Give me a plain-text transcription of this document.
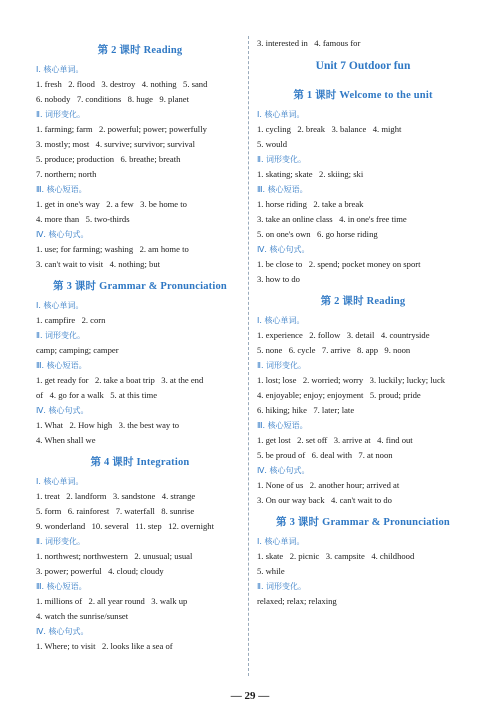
第 2 课时 Reading
Ⅰ. 核心单词。
1. fresh   2. flood   3. destroy   4. nothing   5. sand
6. nobody   7. conditions   8. huge   9. planet
Ⅱ. 词形变化。
1. farming; farm   2. powerful; power; powerfully
3. mostly; most   4. survive; survivor; survival
5. produce; production   6. breathe; breath
7. northern; north
Ⅲ. 核心短语。
1. get in one's way   2. a few   3. be home to
4. more than   5. two-thirds
Ⅳ. 核心句式。
1. use; for farming; washing   2. am home to
3. can't wait to visit   4. nothing; but
第 3 课时 Grammar & Pronunciation
Ⅰ. 核心单词。
1. campfire   2. corn
Ⅱ. 词形变化。
camp; camping; camper
Ⅲ. 核心短语。
1. get ready for   2. take a boat trip   3. at the end
of   4. go for a walk   5. at this time
Ⅳ. 核心句式。
1. What   2. How high   3. the best way to
4. When shall we
第 4 课时 Integration
Ⅰ. 核心单词。
1. treat   2. landform   3. sandstone   4. strange
5. form   6. rainforest   7. waterfall   8. sunrise
9. wonderland   10. several   11. step   12. overnight
Ⅱ. 词形变化。
1. northwest; northwestern   2. unusual; usual
3. power; powerful   4. cloud; cloudy
Ⅲ. 核心短语。
1. millions of   2. all year round   3. walk up
4. watch the sunrise/sunset
Ⅳ. 核心句式。
1. Where; to visit   2. looks like a sea of
3. interested in   4. famous for
Unit 7 Outdoor fun
第 1 课时 Welcome to the unit
Ⅰ. 核心单词。
1. cycling   2. break   3. balance   4. might
5. would
Ⅱ. 词形变化。
1. skating; skate   2. skiing; ski
Ⅲ. 核心短语。
1. horse riding   2. take a break
3. take an online class   4. in one's free time
5. on one's own   6. go horse riding
Ⅳ. 核心句式。
1. be close to   2. spend; pocket money on sport
3. how to do
第 2 课时 Reading
Ⅰ. 核心单词。
1. experience   2. follow   3. detail   4. countryside
5. none   6. cycle   7. arrive   8. app   9. noon
Ⅱ. 词形变化。
1. lost; lose   2. worried; worry   3. luckily; lucky; luck
4. enjoyable; enjoy; enjoyment   5. proud; pride
6. hiking; hike   7. later; late
Ⅲ. 核心短语。
1. get lost   2. set off   3. arrive at   4. find out
5. be proud of   6. deal with   7. at noon
Ⅳ. 核心句式。
1. None of us   2. another hour; arrived at
3. On our way back   4. can't wait to do
第 3 课时 Grammar & Pronunciation
Ⅰ. 核心单词。
1. skate   2. picnic   3. campsite   4. childhood
5. while
Ⅱ. 词形变化。
relaxed; relax; relaxing
— 29 —
